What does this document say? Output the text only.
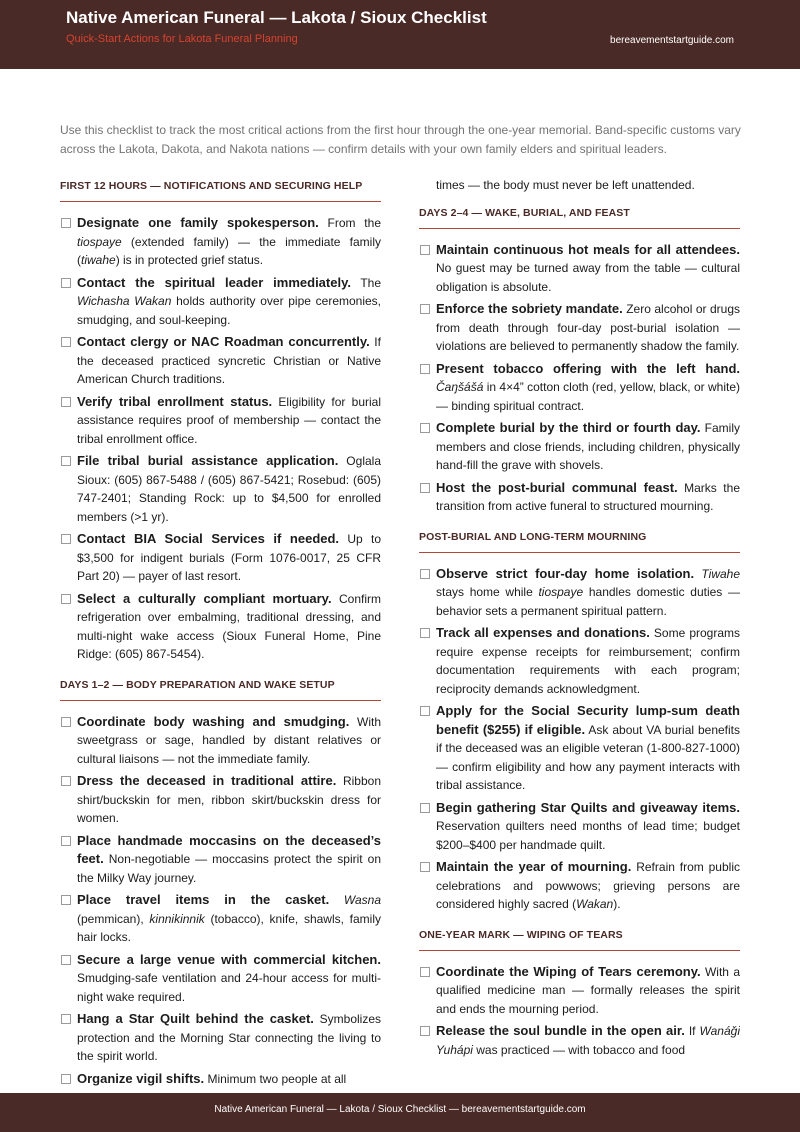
Native American Funeral — Lakota / Sioux Checklist
Quick-Start Actions for Lakota Funeral Planning	bereavementstartguide.com

Use this checklist to track the most critical actions from the first hour through the one-year memorial. Band-specific customs vary across the Lakota, Dakota, and Nakota nations — confirm details with your own family elders and spiritual leaders.

FIRST 12 HOURS — NOTIFICATIONS AND SECURING HELP
Designate one family spokesperson. From the tiospaye (extended family) — the immediate family (tiwahe) is in protected grief status.
Contact the spiritual leader immediately. The Wichasha Wakan holds authority over pipe ceremonies, smudging, and soul-keeping.
Contact clergy or NAC Roadman concurrently. If the deceased practiced syncretic Christian or Native American Church traditions.
Verify tribal enrollment status. Eligibility for burial assistance requires proof of membership — contact the tribal enrollment office.
File tribal burial assistance application. Oglala Sioux: (605) 867-5488 / (605) 867-5421; Rosebud: (605) 747-2401; Standing Rock: up to $4,500 for enrolled members (>1 yr).
Contact BIA Social Services if needed. Up to $3,500 for indigent burials (Form 1076-0017, 25 CFR Part 20) — payer of last resort.
Select a culturally compliant mortuary. Confirm refrigeration over embalming, traditional dressing, and multi-night wake access (Sioux Funeral Home, Pine Ridge: (605) 867-5454).
DAYS 1–2 — BODY PREPARATION AND WAKE SETUP
Coordinate body washing and smudging. With sweetgrass or sage, handled by distant relatives or cultural liaisons — not the immediate family.
Dress the deceased in traditional attire. Ribbon shirt/buckskin for men, ribbon skirt/buckskin dress for women.
Place handmade moccasins on the deceased’s feet. Non-negotiable — moccasins protect the spirit on the Milky Way journey.
Place travel items in the casket. Wasna (pemmican), kinnikinnik (tobacco), knife, shawls, family hair locks.
Secure a large venue with commercial kitchen. Smudging-safe ventilation and 24-hour access for multi-night wake required.
Hang a Star Quilt behind the casket. Symbolizes protection and the Morning Star connecting the living to the spirit world.
Organize vigil shifts. Minimum two people at all
times — the body must never be left unattended.
DAYS 2–4 — WAKE, BURIAL, AND FEAST
Maintain continuous hot meals for all attendees. No guest may be turned away from the table — cultural obligation is absolute.
Enforce the sobriety mandate. Zero alcohol or drugs from death through four-day post-burial isolation — violations are believed to permanently shadow the family.
Present tobacco offering with the left hand. Čaŋšášá in 4×4” cotton cloth (red, yellow, black, or white) — binding spiritual contract.
Complete burial by the third or fourth day. Family members and close friends, including children, physically hand-fill the grave with shovels.
Host the post-burial communal feast. Marks the transition from active funeral to structured mourning.
POST-BURIAL AND LONG-TERM MOURNING
Observe strict four-day home isolation. Tiwahe stays home while tiospaye handles domestic duties — behavior sets a permanent spiritual pattern.
Track all expenses and donations. Some programs require expense receipts for reimbursement; confirm documentation requirements with each program; reciprocity demands acknowledgment.
Apply for the Social Security lump-sum death benefit ($255) if eligible. Ask about VA burial benefits if the deceased was an eligible veteran (1-800-827-1000) — confirm eligibility and how any payment interacts with tribal assistance.
Begin gathering Star Quilts and giveaway items. Reservation quilters need months of lead time; budget $200–$400 per handmade quilt.
Maintain the year of mourning. Refrain from public celebrations and powwows; grieving persons are considered highly sacred (Wakan).
ONE-YEAR MARK — WIPING OF TEARS
Coordinate the Wiping of Tears ceremony. With a qualified medicine man — formally releases the spirit and ends the mourning period.
Release the soul bundle in the open air. If Wanáǧi Yuhápi was practiced — with tobacco and food
Native American Funeral — Lakota / Sioux Checklist — bereavementstartguide.com
